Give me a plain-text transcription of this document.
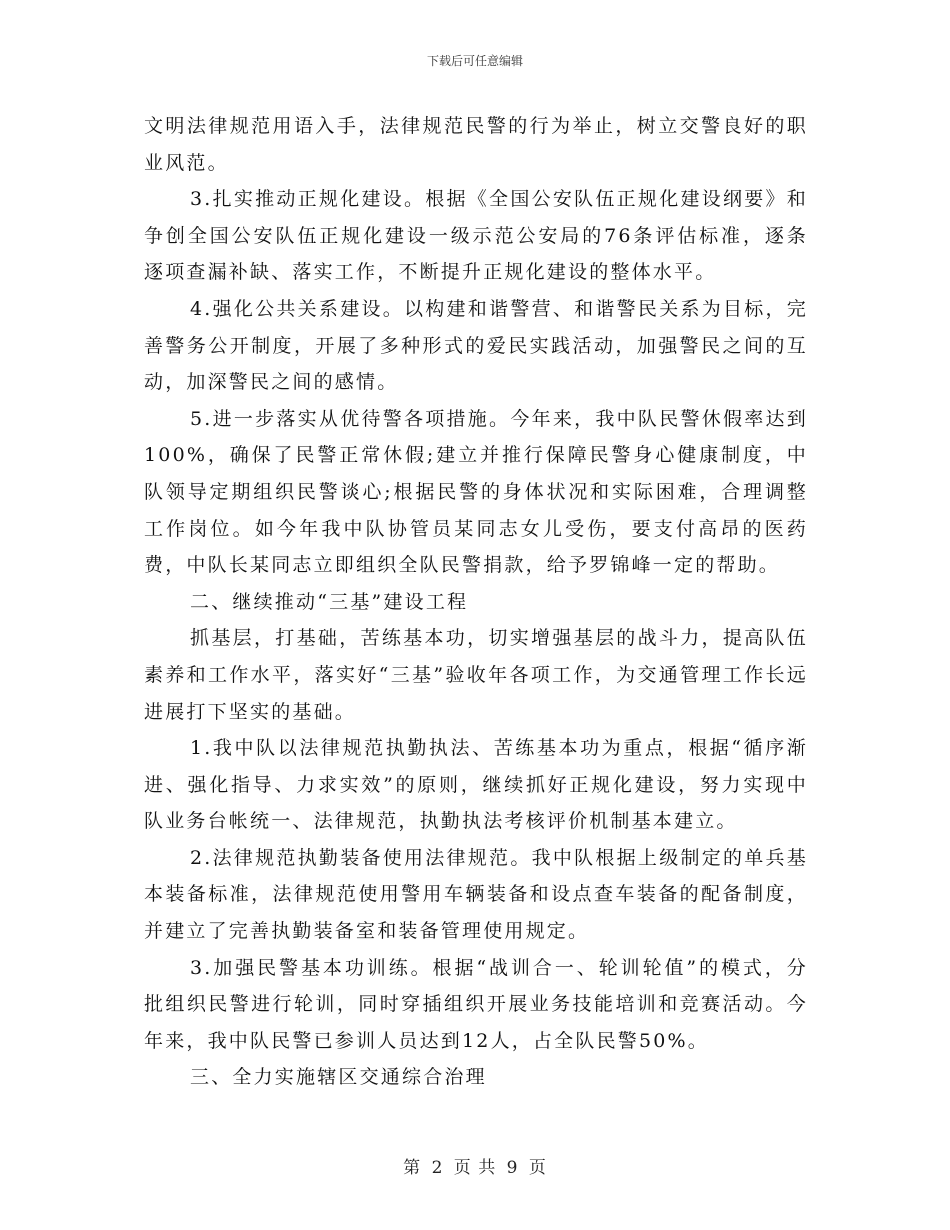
下载后可任意编辑

文明法律规范用语入手，法律规范民警的行为举止，树立交警良好的职业风范。

3.扎实推动正规化建设。根据《全国公安队伍正规化建设纲要》和争创全国公安队伍正规化建设一级示范公安局的76条评估标准，逐条逐项查漏补缺、落实工作，不断提升正规化建设的整体水平。

4.强化公共关系建设。以构建和谐警营、和谐警民关系为目标，完善警务公开制度，开展了多种形式的爱民实践活动，加强警民之间的互动，加深警民之间的感情。

5.进一步落实从优待警各项措施。今年来，我中队民警休假率达到100%，确保了民警正常休假;建立并推行保障民警身心健康制度，中队领导定期组织民警谈心;根据民警的身体状况和实际困难，合理调整工作岗位。如今年我中队协管员某同志女儿受伤，要支付高昂的医药费，中队长某同志立即组织全队民警捐款，给予罗锦峰一定的帮助。

二、继续推动“三基”建设工程

抓基层，打基础，苦练基本功，切实增强基层的战斗力，提高队伍素养和工作水平，落实好“三基”验收年各项工作，为交通管理工作长远进展打下坚实的基础。

1.我中队以法律规范执勤执法、苦练基本功为重点，根据“循序渐进、强化指导、力求实效”的原则，继续抓好正规化建设，努力实现中队业务台帐统一、法律规范，执勤执法考核评价机制基本建立。

2.法律规范执勤装备使用法律规范。我中队根据上级制定的单兵基本装备标准，法律规范使用警用车辆装备和设点查车装备的配备制度，并建立了完善执勤装备室和装备管理使用规定。

3.加强民警基本功训练。根据“战训合一、轮训轮值”的模式，分批组织民警进行轮训，同时穿插组织开展业务技能培训和竞赛活动。今年来，我中队民警已参训人员达到12人，占全队民警50%。

三、全力实施辖区交通综合治理

第 2 页 共 9 页
